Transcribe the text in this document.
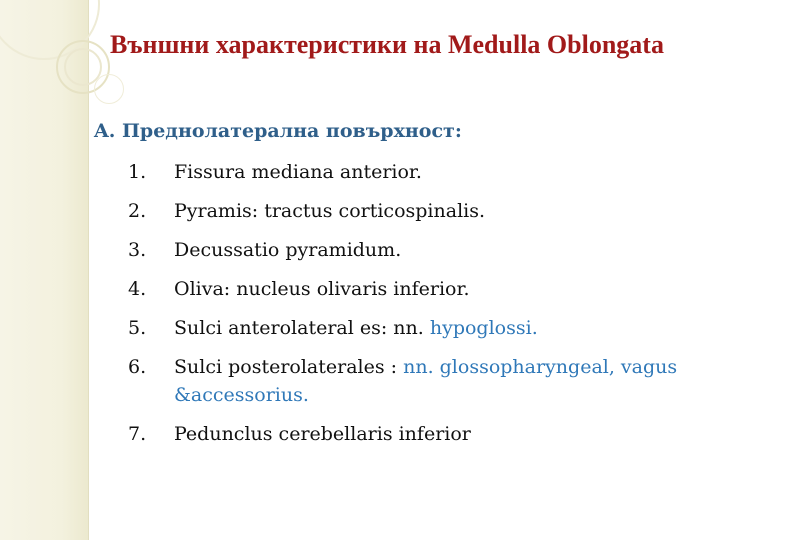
Външни характеристики на Medulla Oblongata
A. Преднолатерална повърхност:
1.	Fissura mediana anterior.
2.	Pyramis: tractus corticospinalis.
3.	Decussatio pyramidum.
4.	Oliva: nucleus olivaris inferior.
5.	Sulci anterolateral es: nn. hypoglossi.
6.	Sulci posterolaterales : nn. glossopharyngeal, vagus &accessorius.
7.	Pedunclus cerebellaris inferior
